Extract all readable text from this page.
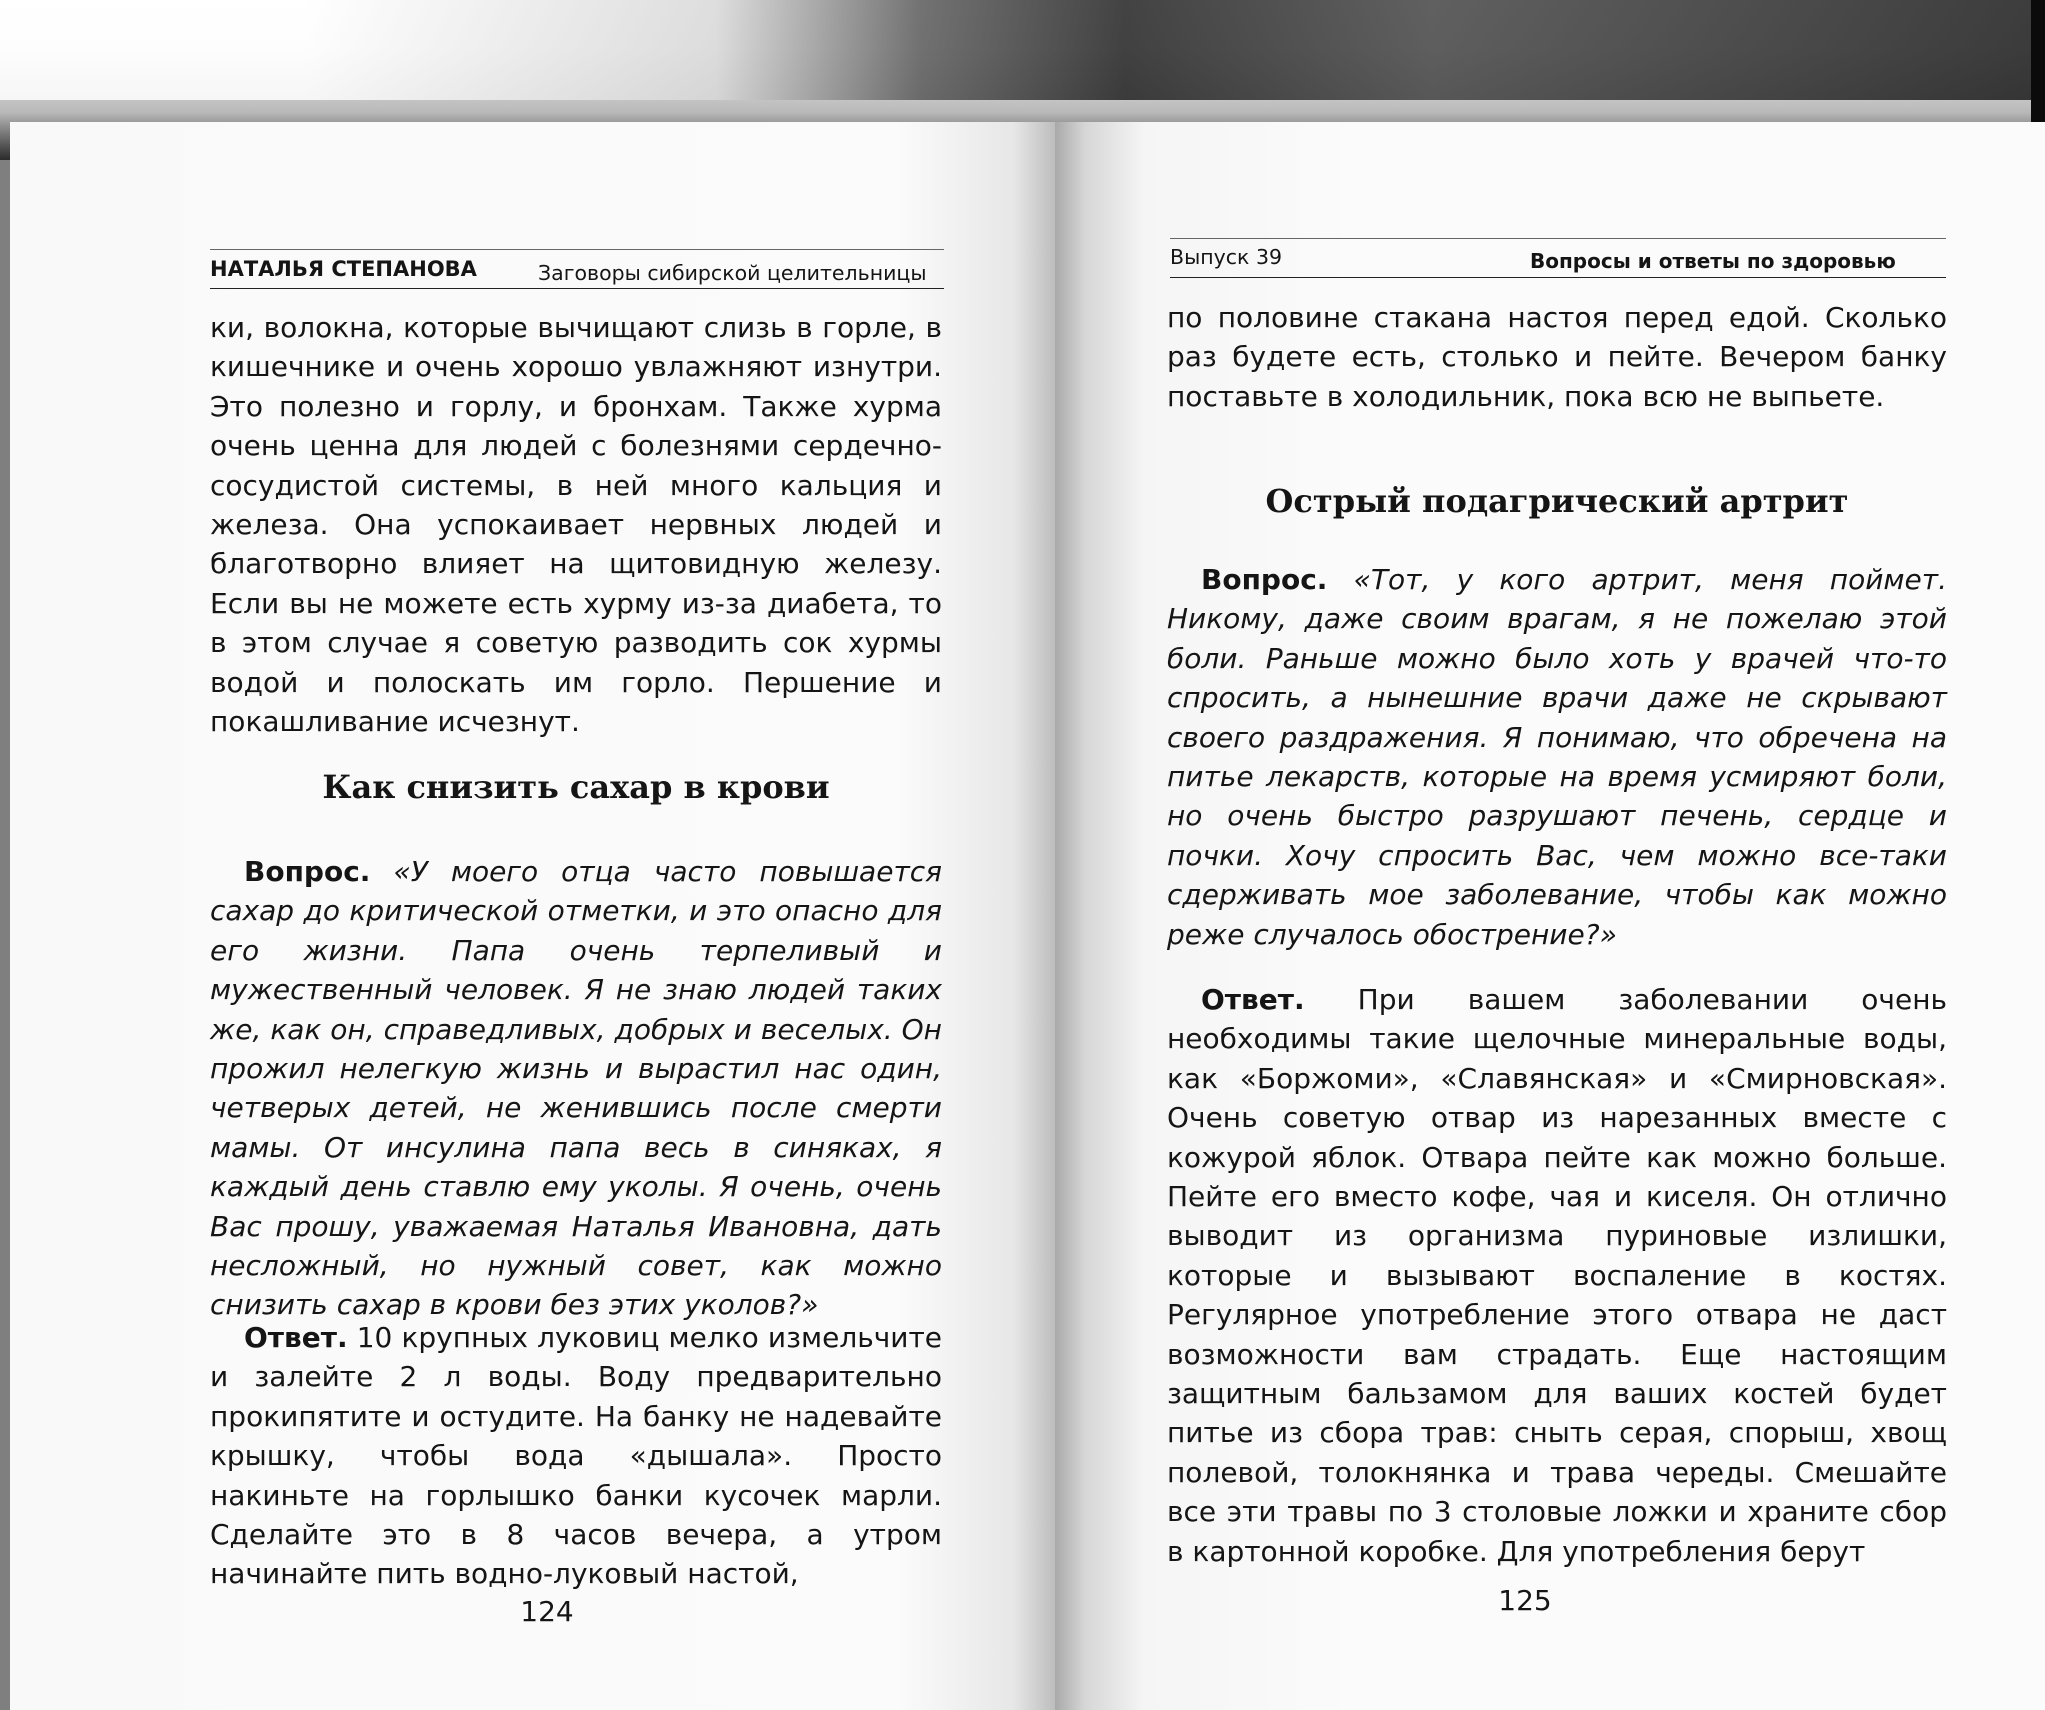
НАТАЛЬЯ СТЕПАНОВА	Заговоры сибирской целительницы

ки, волокна, которые вычищают слизь в горле, в кишечнике и очень хорошо увлажняют изнутри. Это полезно и горлу, и бронхам. Также хурма очень ценна для людей с болезнями сердечно-сосудистой системы, в ней много кальция и железа. Она успокаивает нервных людей и благотворно влияет на щитовидную железу. Если вы не можете есть хурму из-за диабета, то в этом случае я советую разводить сок хурмы водой и полоскать им горло. Першение и покашливание исчезнут.

Как снизить сахар в крови

Вопрос. «У моего отца часто повышается сахар до критической отметки, и это опасно для его жизни. Папа очень терпеливый и мужественный человек. Я не знаю людей таких же, как он, справедливых, добрых и веселых. Он прожил нелегкую жизнь и вырастил нас один, четверых детей, не женившись после смерти мамы. От инсулина папа весь в синяках, я каждый день ставлю ему уколы. Я очень, очень Вас прошу, уважаемая Наталья Ивановна, дать несложный, но нужный совет, как можно снизить сахар в крови без этих уколов?»

Ответ. 10 крупных луковиц мелко измельчите и залейте 2 л воды. Воду предварительно прокипятите и остудите. На банку не надевайте крышку, чтобы вода «дышала». Просто накиньте на горлышко банки кусочек марли. Сделайте это в 8 часов вечера, а утром начинайте пить водно-луковый настой,

124
Выпуск 39	Вопросы и ответы по здоровью

по половине стакана настоя перед едой. Сколько раз будете есть, столько и пейте. Вечером банку поставьте в холодильник, пока всю не выпьете.

Острый подагрический артрит

Вопрос. «Тот, у кого артрит, меня поймет. Никому, даже своим врагам, я не пожелаю этой боли. Раньше можно было хоть у врачей что-то спросить, а нынешние врачи даже не скрывают своего раздражения. Я понимаю, что обречена на питье лекарств, которые на время усмиряют боли, но очень быстро разрушают печень, сердце и почки. Хочу спросить Вас, чем можно все-таки сдерживать мое заболевание, чтобы как можно реже случалось обострение?»

Ответ. При вашем заболевании очень необходимы такие щелочные минеральные воды, как «Боржоми», «Славянская» и «Смирновская». Очень советую отвар из нарезанных вместе с кожурой яблок. Отвара пейте как можно больше. Пейте его вместо кофе, чая и киселя. Он отлично выводит из организма пуриновые излишки, которые и вызывают воспаление в костях. Регулярное употребление этого отвара не даст возможности вам страдать. Еще настоящим защитным бальзамом для ваших костей будет питье из сбора трав: сныть серая, спорыш, хвощ полевой, толокнянка и трава череды. Смешайте все эти травы по 3 столовые ложки и храните сбор в картонной коробке. Для употребления берут

125
